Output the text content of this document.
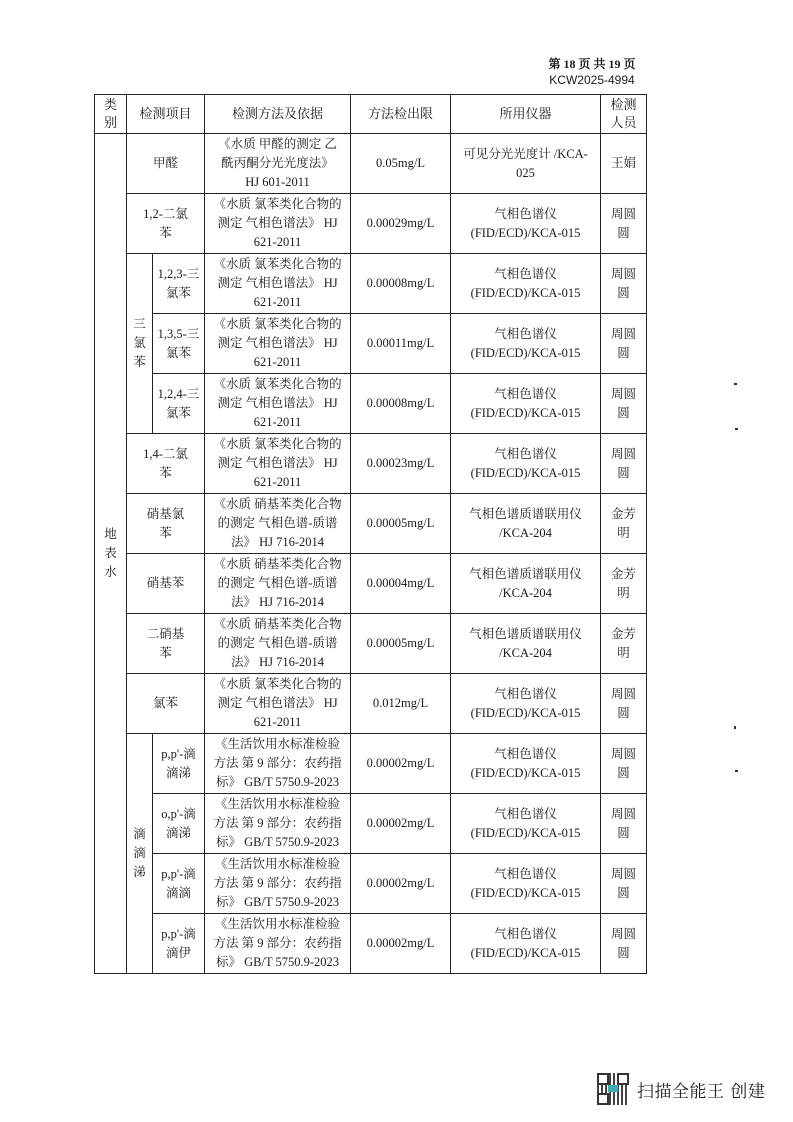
第 18 页 共 19 页
KCW2025-4994
类别	检测项目		检测方法及依据	方法检出限	所用仪器	检测人员
地表水	甲醛		《水质 甲醛的测定 乙酰丙酮分光光度法》 HJ 601-2011	0.05mg/L	可见分光光度计 /KCA-025	王娟
	1,2-二氯苯		《水质 氯苯类化合物的测定 气相色谱法》 HJ 621-2011	0.00029mg/L	气相色谱仪 (FID/ECD)/KCA-015	周圆圆
	三氯苯	1,2,3-三氯苯	《水质 氯苯类化合物的测定 气相色谱法》 HJ 621-2011	0.00008mg/L	气相色谱仪 (FID/ECD)/KCA-015	周圆圆
		1,3,5-三氯苯	《水质 氯苯类化合物的测定 气相色谱法》 HJ 621-2011	0.00011mg/L	气相色谱仪 (FID/ECD)/KCA-015	周圆圆
		1,2,4-三氯苯	《水质 氯苯类化合物的测定 气相色谱法》 HJ 621-2011	0.00008mg/L	气相色谱仪 (FID/ECD)/KCA-015	周圆圆
	1,4-二氯苯		《水质 氯苯类化合物的测定 气相色谱法》 HJ 621-2011	0.00023mg/L	气相色谱仪 (FID/ECD)/KCA-015	周圆圆
	硝基氯苯		《水质 硝基苯类化合物的测定 气相色谱-质谱法》 HJ 716-2014	0.00005mg/L	气相色谱质谱联用仪 /KCA-204	金芳明
	硝基苯		《水质 硝基苯类化合物的测定 气相色谱-质谱法》 HJ 716-2014	0.00004mg/L	气相色谱质谱联用仪 /KCA-204	金芳明
	二硝基苯		《水质 硝基苯类化合物的测定 气相色谱-质谱法》 HJ 716-2014	0.00005mg/L	气相色谱质谱联用仪 /KCA-204	金芳明
	氯苯		《水质 氯苯类化合物的测定 气相色谱法》 HJ 621-2011	0.012mg/L	气相色谱仪 (FID/ECD)/KCA-015	周圆圆
	滴滴涕	p,p'-滴滴涕	《生活饮用水标准检验方法 第 9 部分：农药指标》 GB/T 5750.9-2023	0.00002mg/L	气相色谱仪 (FID/ECD)/KCA-015	周圆圆
		o,p'-滴滴涕	《生活饮用水标准检验方法 第 9 部分：农药指标》 GB/T 5750.9-2023	0.00002mg/L	气相色谱仪 (FID/ECD)/KCA-015	周圆圆
		p,p'-滴滴滴	《生活饮用水标准检验方法 第 9 部分：农药指标》 GB/T 5750.9-2023	0.00002mg/L	气相色谱仪 (FID/ECD)/KCA-015	周圆圆
		p,p'-滴滴伊	《生活饮用水标准检验方法 第 9 部分：农药指标》 GB/T 5750.9-2023	0.00002mg/L	气相色谱仪 (FID/ECD)/KCA-015	周圆圆
扫描全能王 创建
